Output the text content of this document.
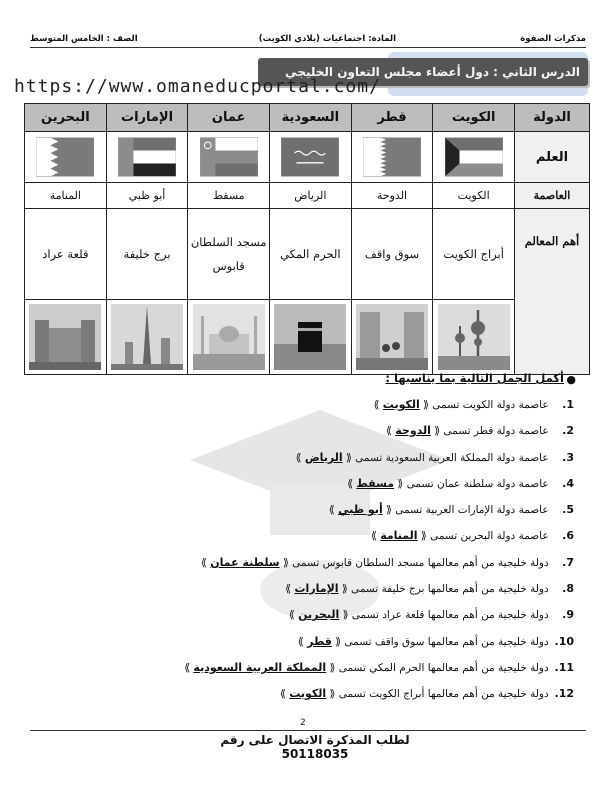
مذكرات الصفوة
المادة: اجتماعيات (بلادي الكويت)
الصف : الخامس المتوسط
الدرس الثاني : دول أعضاء مجلس التعاون الخليجي
https://www.omaneducportal.com/
الدولة	الكويت	قطر	السعودية	عمان	الإمارات	البحرين
العلم	

العاصمة	الكويت	الدوحة	الرياض	مسقط	أبو ظبي	المنامة
أهم المعالم	أبراج الكويت	سوق واقف	الحرم المكي	مسجد السلطان قابوس	برج خليفة	قلعة عراد

●
أكمل الجمل التالية بما يناسبها :
1. عاصمة دولة الكويت تسمى ⟪ الكويت ⟫
2. عاصمة دولة قطر تسمى ⟪ الدوحة ⟫
3. عاصمة دولة المملكة العربية السعودية تسمى ⟪ الرياض ⟫
4. عاصمة دولة سلطنة عمان تسمى ⟪ مسقط ⟫
5. عاصمة دولة الإمارات العربية تسمى ⟪ أبو ظبي ⟫
6. عاصمة دولة البحرين تسمى ⟪ المنامة ⟫
7. دولة خليجية من أهم معالمها مسجد السلطان قابوس تسمى ⟪ سلطنة عمان ⟫
8. دولة خليجية من أهم معالمها برج خليفة تسمى ⟪ الإمارات ⟫
9. دولة خليجية من أهم معالمها قلعة عراد تسمى ⟪ البحرين ⟫
10. دولة خليجية من أهم معالمها سوق واقف تسمى ⟪ قطر ⟫
11. دولة خليجية من أهم معالمها الحرم المكي تسمى ⟪ المملكة العربية السعودية ⟫
12. دولة خليجية من أهم معالمها أبراج الكويت تسمى ⟪ الكويت ⟫
2
لطلب المذكرة الاتصال على رقم 50118035
